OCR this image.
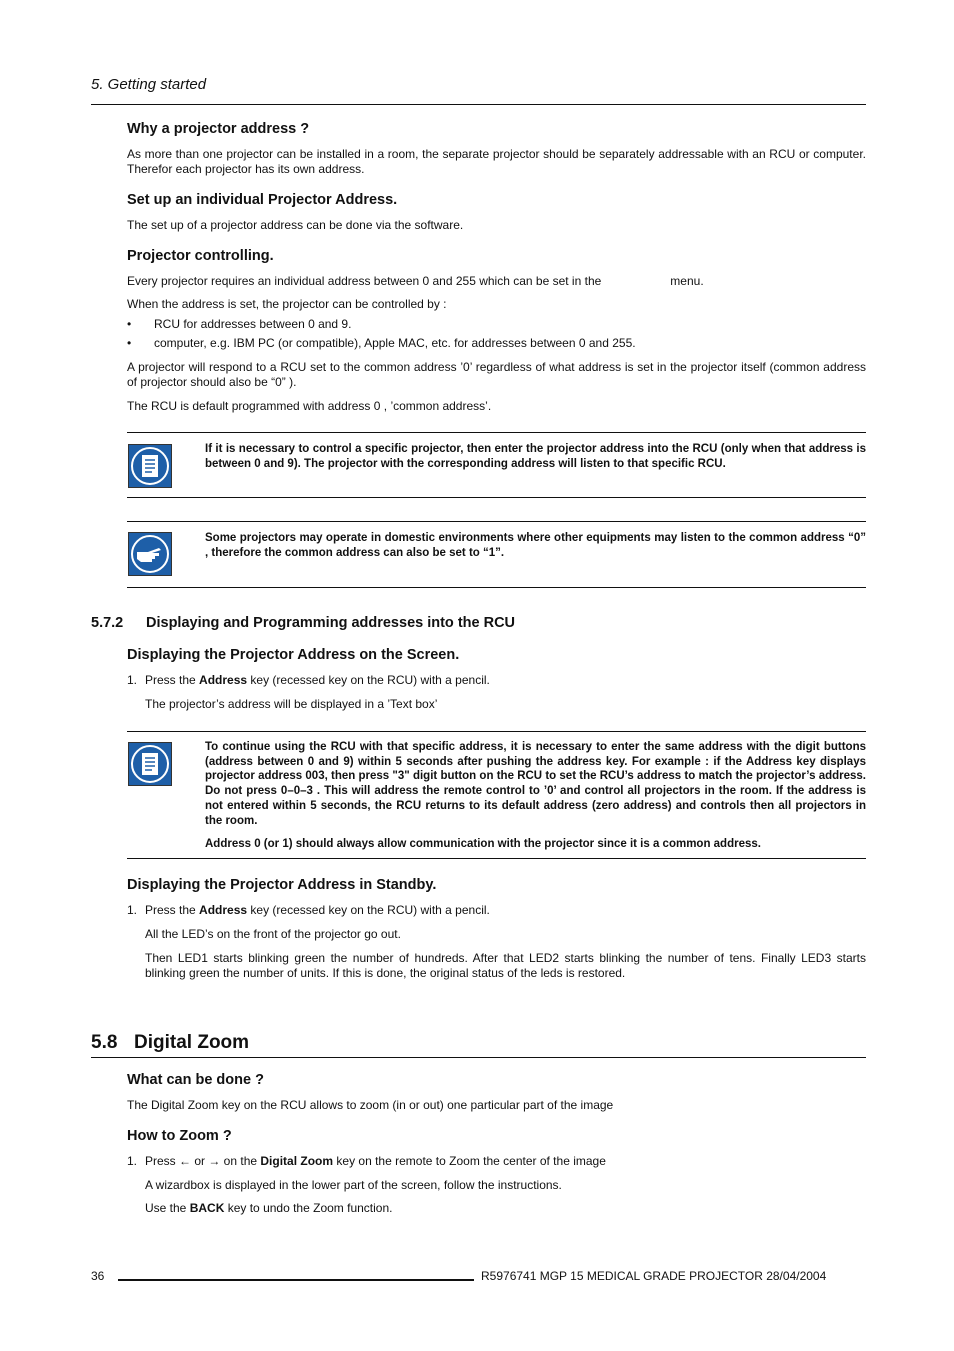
5. Getting started
Why a projector address ?

As more than one projector can be installed in a room, the separate projector should be separately addressable with an RCU or computer. Therefor each projector has its own address.

Set up an individual Projector Address.

The set up of a projector address can be done via the software.

Projector controlling.

Every projector requires an individual address between 0 and 255 which can be set in the	menu.

When the address is set, the projector can be controlled by :

• RCU for addresses between 0 and 9.
• computer, e.g. IBM PC (or compatible), Apple MAC, etc. for addresses between 0 and 255.

A projector will respond to a RCU set to the common address ’0’ regardless of what address is set in the projector itself (common address of projector should also be “0” ).

The RCU is default programmed with address 0 , ’common address’.

If it is necessary to control a specific projector, then enter the projector address into the RCU (only when that address is between 0 and 9). The projector with the corresponding address will listen to that specific RCU.

Some projectors may operate in domestic environments where other equipments may listen to the common address “0” , therefore the common address can also be set to “1”.

5.7.2 Displaying and Programming addresses into the RCU
Displaying the Projector Address on the Screen.
1. Press the Address key (recessed key on the RCU) with a pencil.

The projector’s address will be displayed in a ’Text box’

To continue using the RCU with that specific address, it is necessary to enter the same address with the digit buttons (address between 0 and 9) within 5 seconds after pushing the address key. For example : if the Address key displays projector address 003, then press "3" digit button on the RCU to set the RCU’s address to match the projector’s address. Do not press 0–0–3 . This will address the remote control to ’0’ and control all projectors in the room. If the address is not entered within 5 seconds, the RCU returns to its default address (zero address) and controls then all projectors in the room.

Address 0 (or 1) should always allow communication with the projector since it is a common address.

Displaying the Projector Address in Standby.
1. Press the Address key (recessed key on the RCU) with a pencil.

All the LED’s on the front of the projector go out.

Then LED1 starts blinking green the number of hundreds. After that LED2 starts blinking the number of tens. Finally LED3 starts blinking green the number of units. If this is done, the original status of the leds is restored.

5.8 Digital Zoom
What can be done ?

The Digital Zoom key on the RCU allows to zoom (in or out) one particular part of the image

How to Zoom ?
1. Press ← or → on the Digital Zoom key on the remote to Zoom the center of the image

A wizardbox is displayed in the lower part of the screen, follow the instructions.

Use the BACK key to undo the Zoom function.

36	R5976741 MGP 15 MEDICAL GRADE PROJECTOR 28/04/2004
